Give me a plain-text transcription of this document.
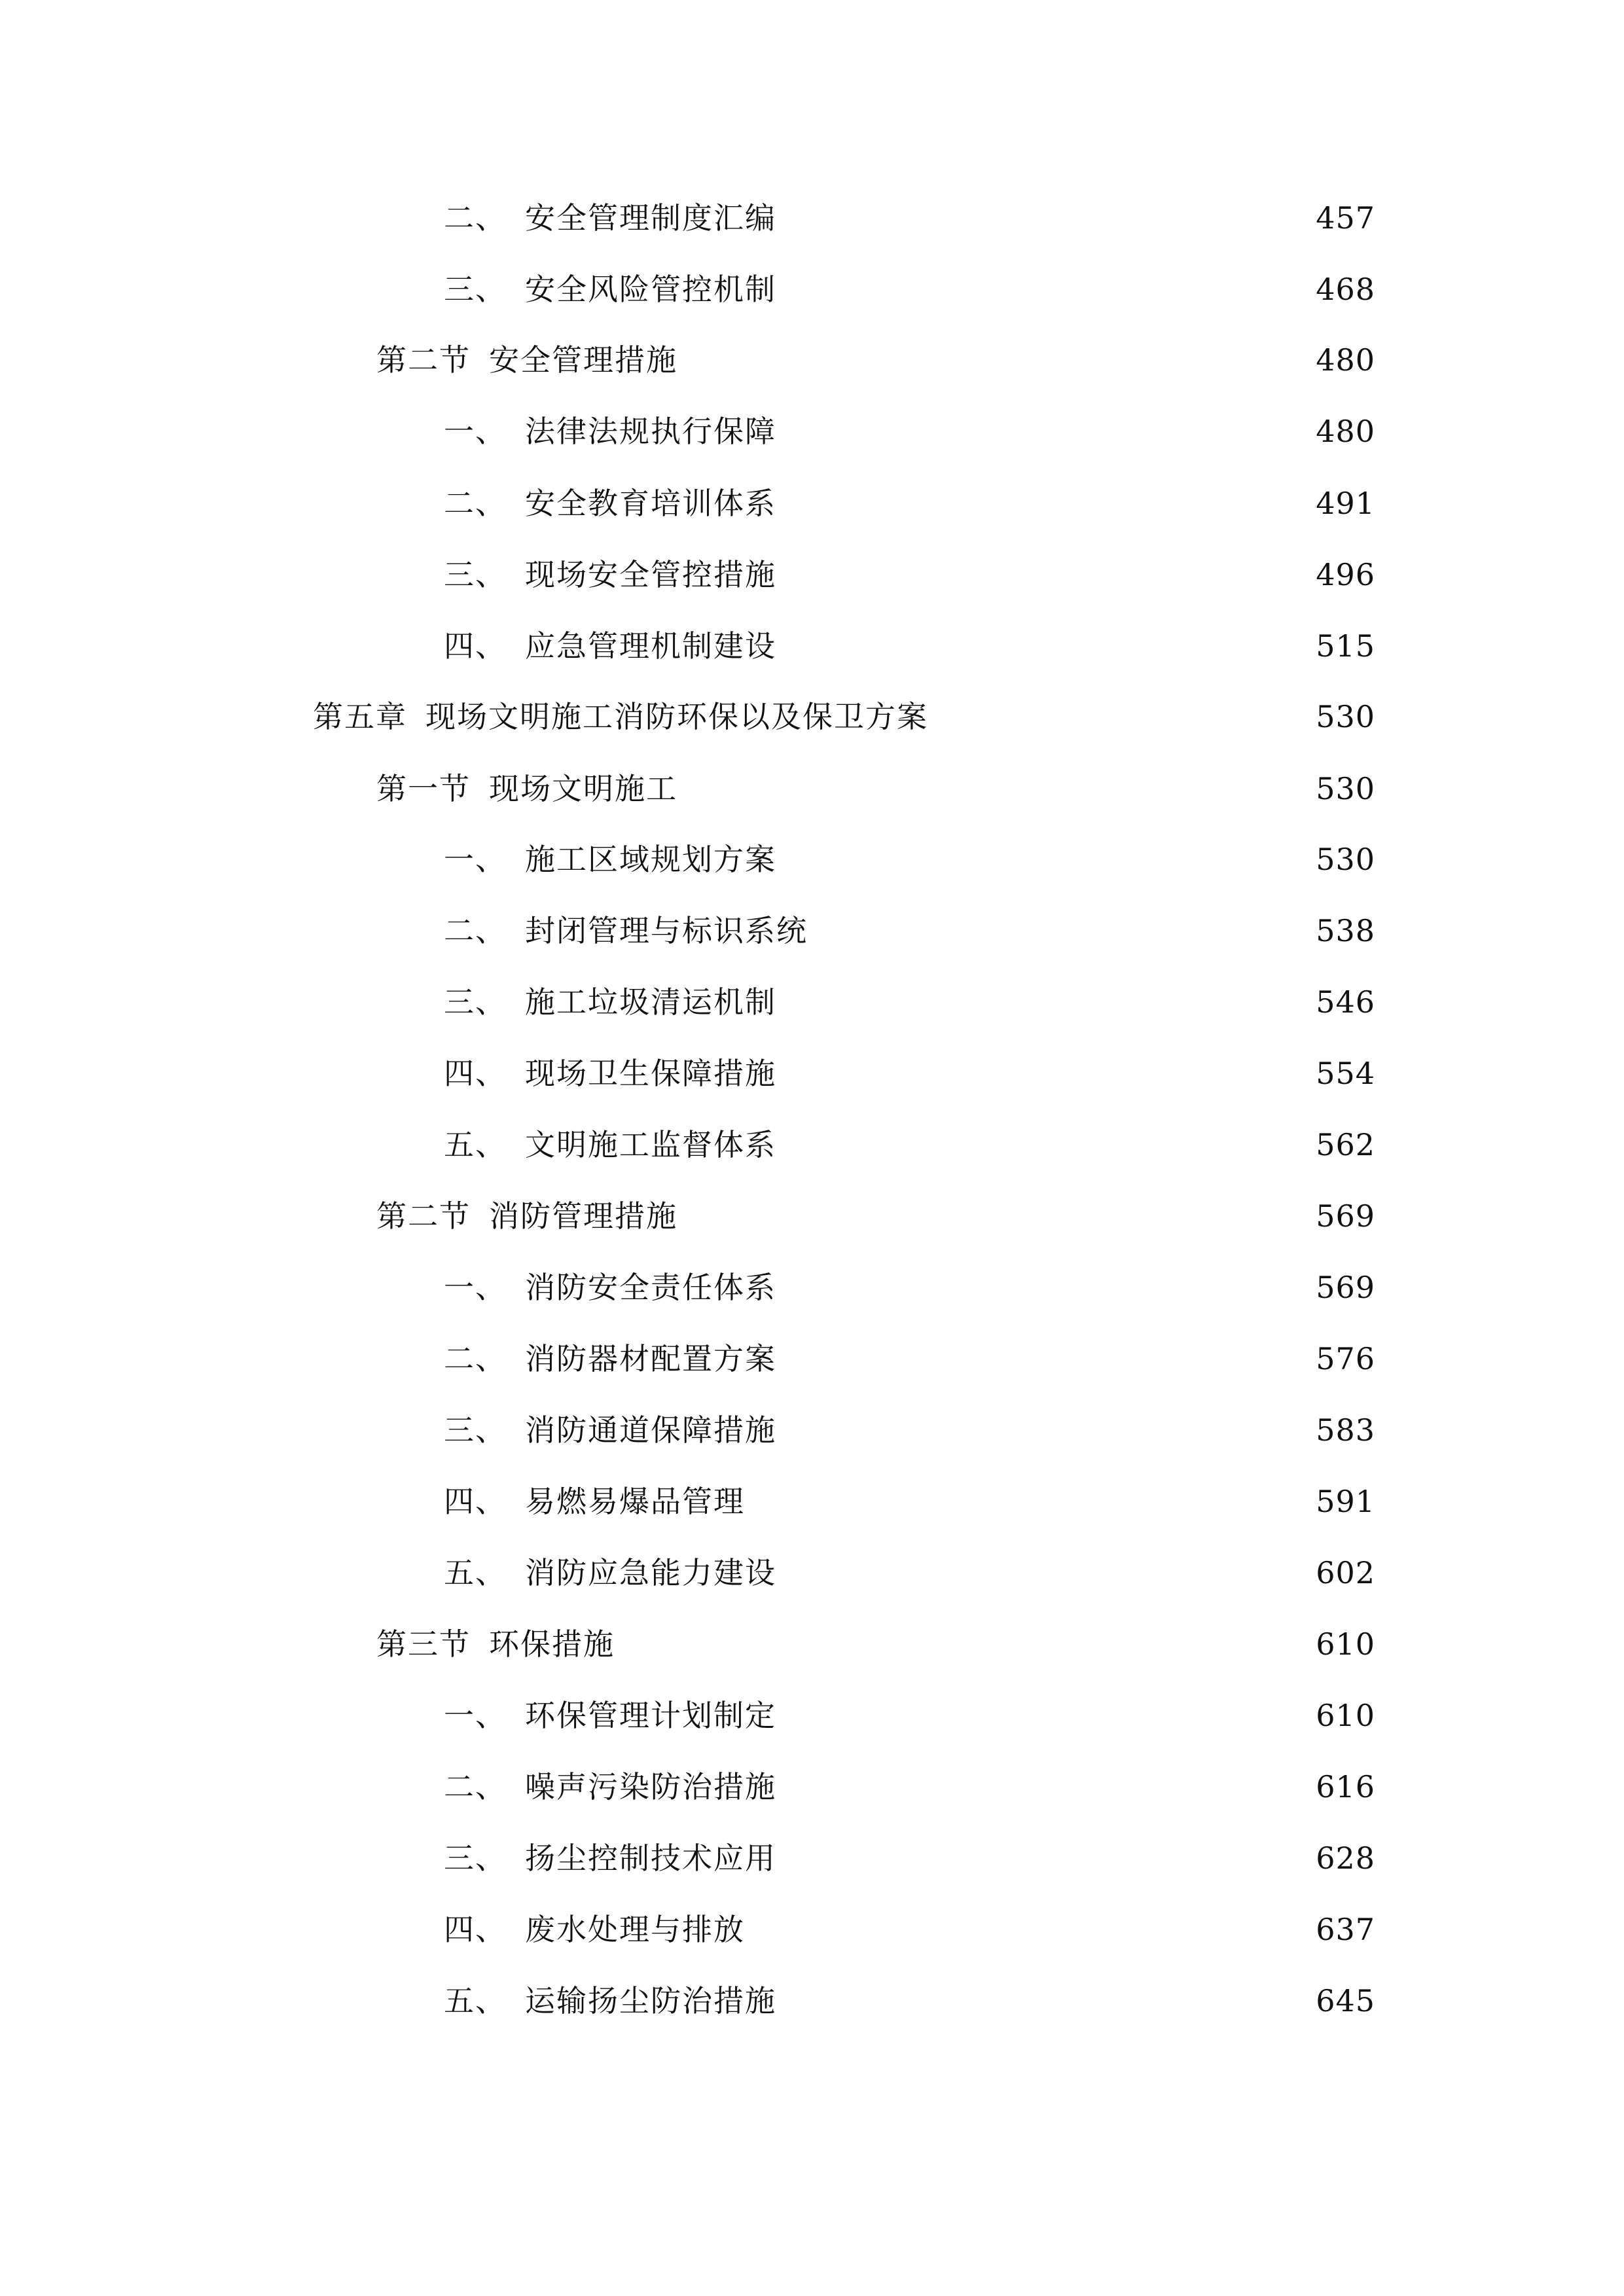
二、 安全管理制度汇编	457
三、 安全风险管控机制	468
第二节 安全管理措施	480
一、 法律法规执行保障	480
二、 安全教育培训体系	491
三、 现场安全管控措施	496
四、 应急管理机制建设	515
第五章 现场文明施工消防环保以及保卫方案	530
第一节 现场文明施工	530
一、 施工区域规划方案	530
二、 封闭管理与标识系统	538
三、 施工垃圾清运机制	546
四、 现场卫生保障措施	554
五、 文明施工监督体系	562
第二节 消防管理措施	569
一、 消防安全责任体系	569
二、 消防器材配置方案	576
三、 消防通道保障措施	583
四、 易燃易爆品管理	591
五、 消防应急能力建设	602
第三节 环保措施	610
一、 环保管理计划制定	610
二、 噪声污染防治措施	616
三、 扬尘控制技术应用	628
四、 废水处理与排放	637
五、 运输扬尘防治措施	645
